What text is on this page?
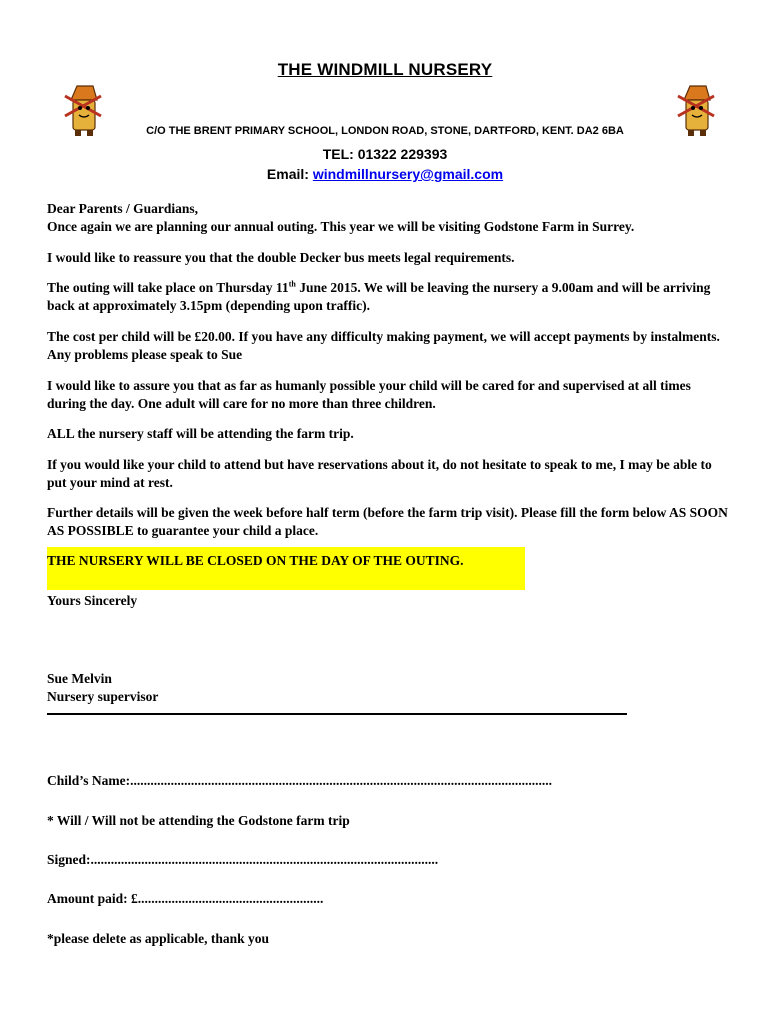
THE WINDMILL NURSERY
C/O THE BRENT PRIMARY SCHOOL, LONDON ROAD, STONE, DARTFORD, KENT. DA2 6BA
TEL: 01322 229393
Email: windmillnursery@gmail.com

Dear Parents / Guardians,

Once again we are planning our annual outing. This year we will be visiting Godstone Farm in Surrey.

I would like to reassure you that the double Decker bus meets legal requirements.

The outing will take place on Thursday 11th June 2015. We will be leaving the nursery a 9.00am and will be arriving back at approximately 3.15pm (depending upon traffic).

The cost per child will be £20.00. If you have any difficulty making payment, we will accept payments by instalments. Any problems please speak to Sue

I would like to assure you that as far as humanly possible your child will be cared for and supervised at all times during the day. One adult will care for no more than three children.

ALL the nursery staff will be attending the farm trip.

If you would like your child to attend but have reservations about it, do not hesitate to speak to me, I may be able to put your mind at rest.

Further details will be given the week before half term (before the farm trip visit). Please fill the form below AS SOON AS POSSIBLE to guarantee your child a place.

THE NURSERY WILL BE CLOSED ON THE DAY OF THE OUTING.

Yours Sincerely

Sue Melvin

Nursery supervisor

Child’s Name:.............................................................................................................................
* Will / Will not be attending the Godstone farm trip
Signed:.......................................................................................................
Amount paid: £.......................................................
*please delete as applicable, thank you
